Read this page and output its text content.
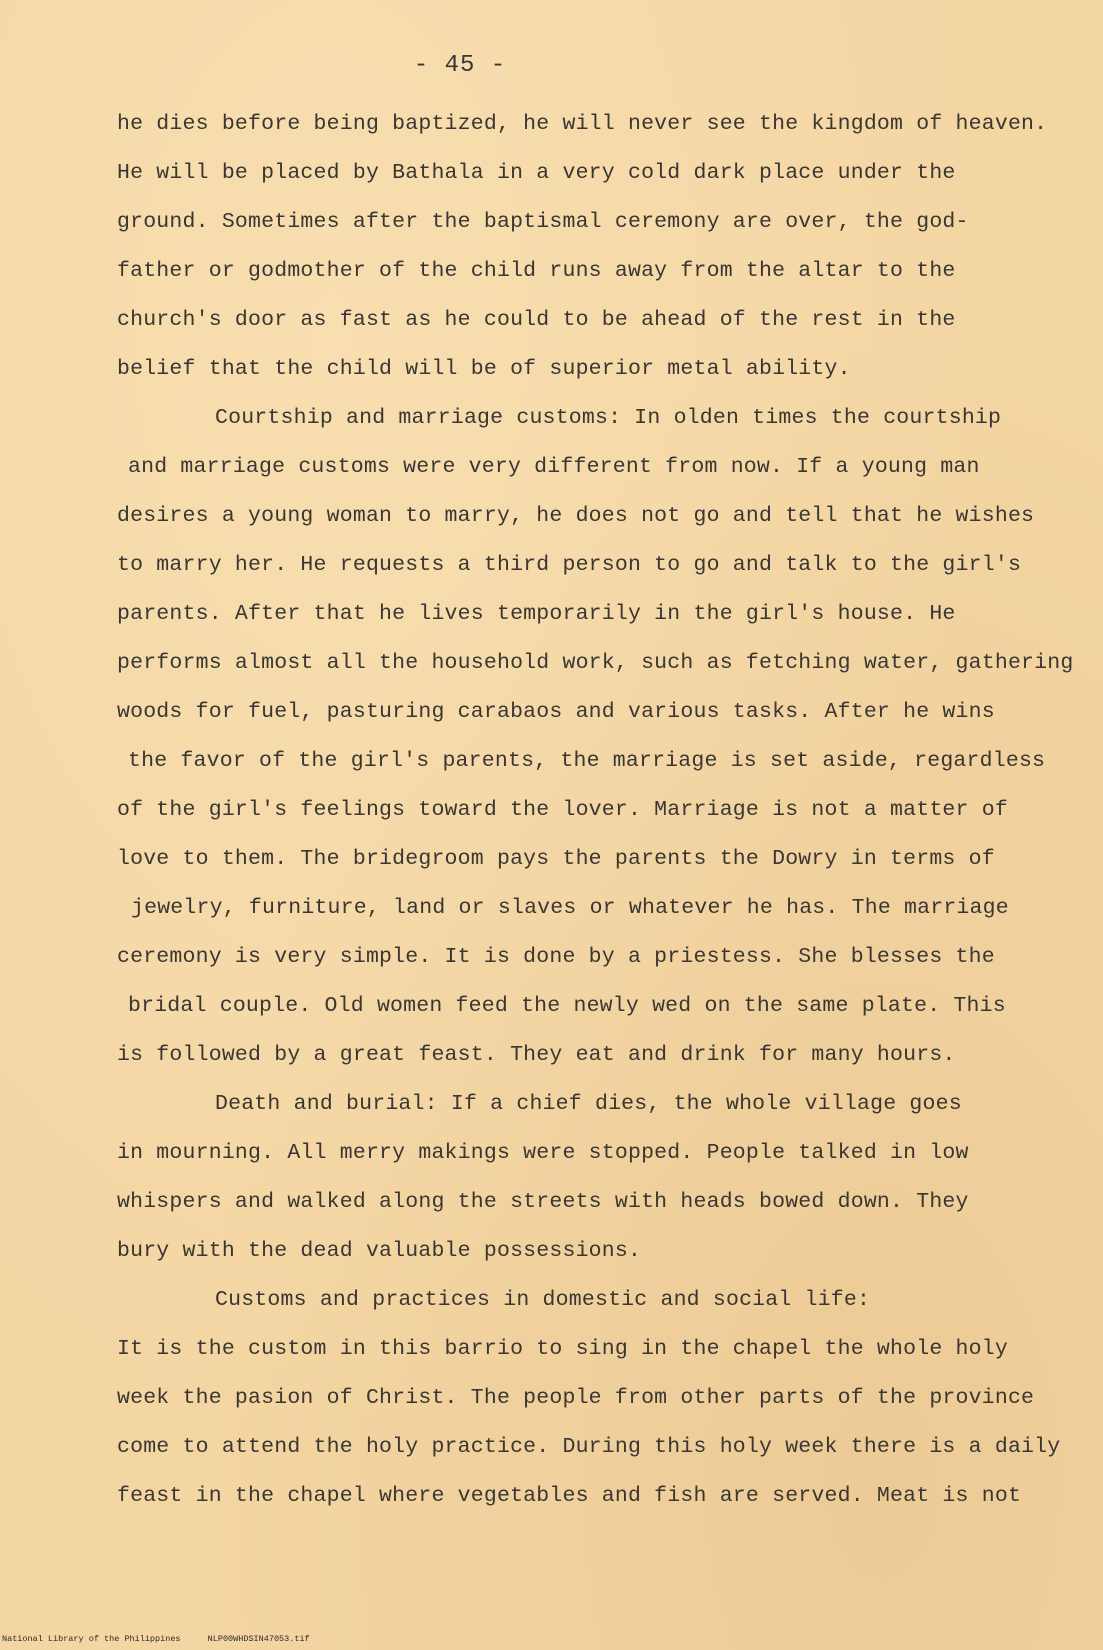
- 45 -
he dies before being baptized, he will never see the kingdom of heaven.
He will be placed by Bathala in a very cold dark place under the
ground. Sometimes after the baptismal ceremony are over, the god-
father or godmother of the child runs away from the altar to the
church's door as fast as he could to be ahead of the rest in the
belief that the child will be of superior metal ability.
Courtship and marriage customs: In olden times the courtship
and marriage customs were very different from now. If a young man
desires a young woman to marry, he does not go and tell that he wishes
to marry her. He requests a third person to go and talk to the girl's
parents. After that he lives temporarily in the girl's house. He
performs almost all the household work, such as fetching water, gathering
woods for fuel, pasturing carabaos and various tasks. After he wins
the favor of the girl's parents, the marriage is set aside, regardless
of the girl's feelings toward the lover. Marriage is not a matter of
love to them. The bridegroom pays the parents the Dowry in terms of
jewelry, furniture, land or slaves or whatever he has. The marriage
ceremony is very simple. It is done by a priestess. She blesses the
bridal couple. Old women feed the newly wed on the same plate. This
is followed by a great feast. They eat and drink for many hours.
Death and burial: If a chief dies, the whole village goes
in mourning. All merry makings were stopped. People talked in low
whispers and walked along the streets with heads bowed down. They
bury with the dead valuable possessions.
Customs and practices in domestic and social life:
It is the custom in this barrio to sing in the chapel the whole holy
week the pasion of Christ. The people from other parts of the province
come to attend the holy practice. During this holy week there is a daily
feast in the chapel where vegetables and fish are served. Meat is not
National Library of the Philippines	NLP00WHDSIN47053.tif
